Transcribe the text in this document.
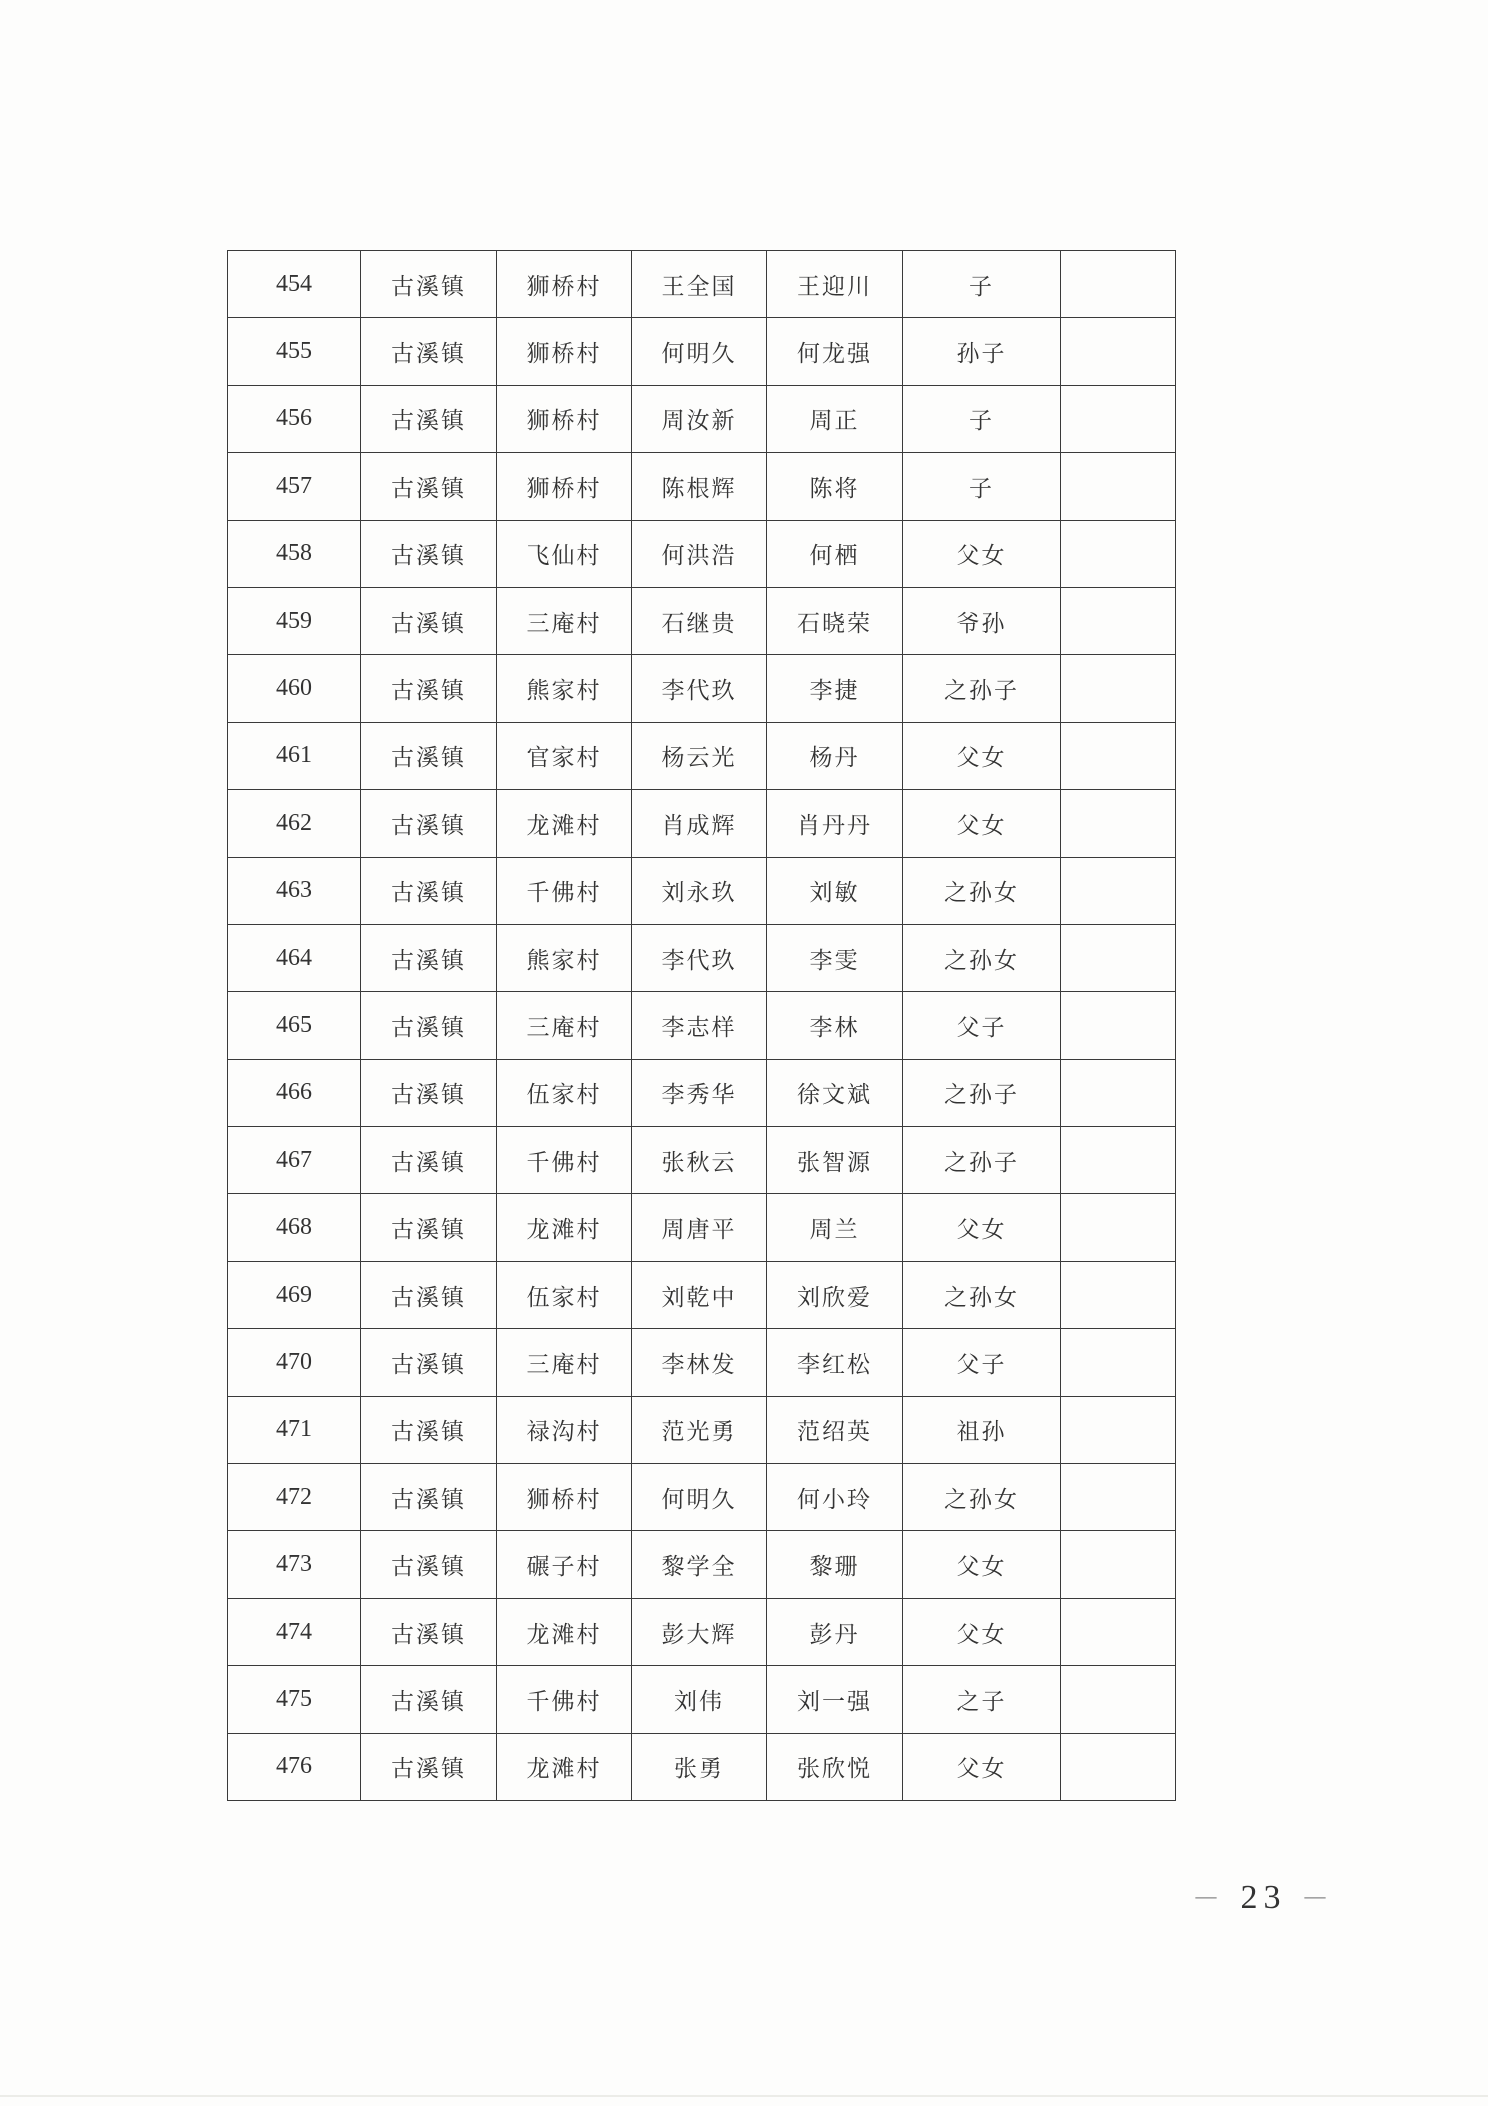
454	古溪镇	狮桥村	王全国	王迎川	子	
455	古溪镇	狮桥村	何明久	何龙强	孙子	
456	古溪镇	狮桥村	周汝新	周正	子	
457	古溪镇	狮桥村	陈根辉	陈将	子	
458	古溪镇	飞仙村	何洪浩	何栖	父女	
459	古溪镇	三庵村	石继贵	石晓荣	爷孙	
460	古溪镇	熊家村	李代玖	李捷	之孙子	
461	古溪镇	官家村	杨云光	杨丹	父女	
462	古溪镇	龙滩村	肖成辉	肖丹丹	父女	
463	古溪镇	千佛村	刘永玖	刘敏	之孙女	
464	古溪镇	熊家村	李代玖	李雯	之孙女	
465	古溪镇	三庵村	李志样	李林	父子	
466	古溪镇	伍家村	李秀华	徐文斌	之孙子	
467	古溪镇	千佛村	张秋云	张智源	之孙子	
468	古溪镇	龙滩村	周唐平	周兰	父女	
469	古溪镇	伍家村	刘乾中	刘欣爱	之孙女	
470	古溪镇	三庵村	李林发	李红松	父子	
471	古溪镇	禄沟村	范光勇	范绍英	祖孙	
472	古溪镇	狮桥村	何明久	何小玲	之孙女	
473	古溪镇	碾子村	黎学全	黎珊	父女	
474	古溪镇	龙滩村	彭大辉	彭丹	父女	
475	古溪镇	千佛村	刘伟	刘一强	之子	
476	古溪镇	龙滩村	张勇	张欣悦	父女	
－ 23 －
